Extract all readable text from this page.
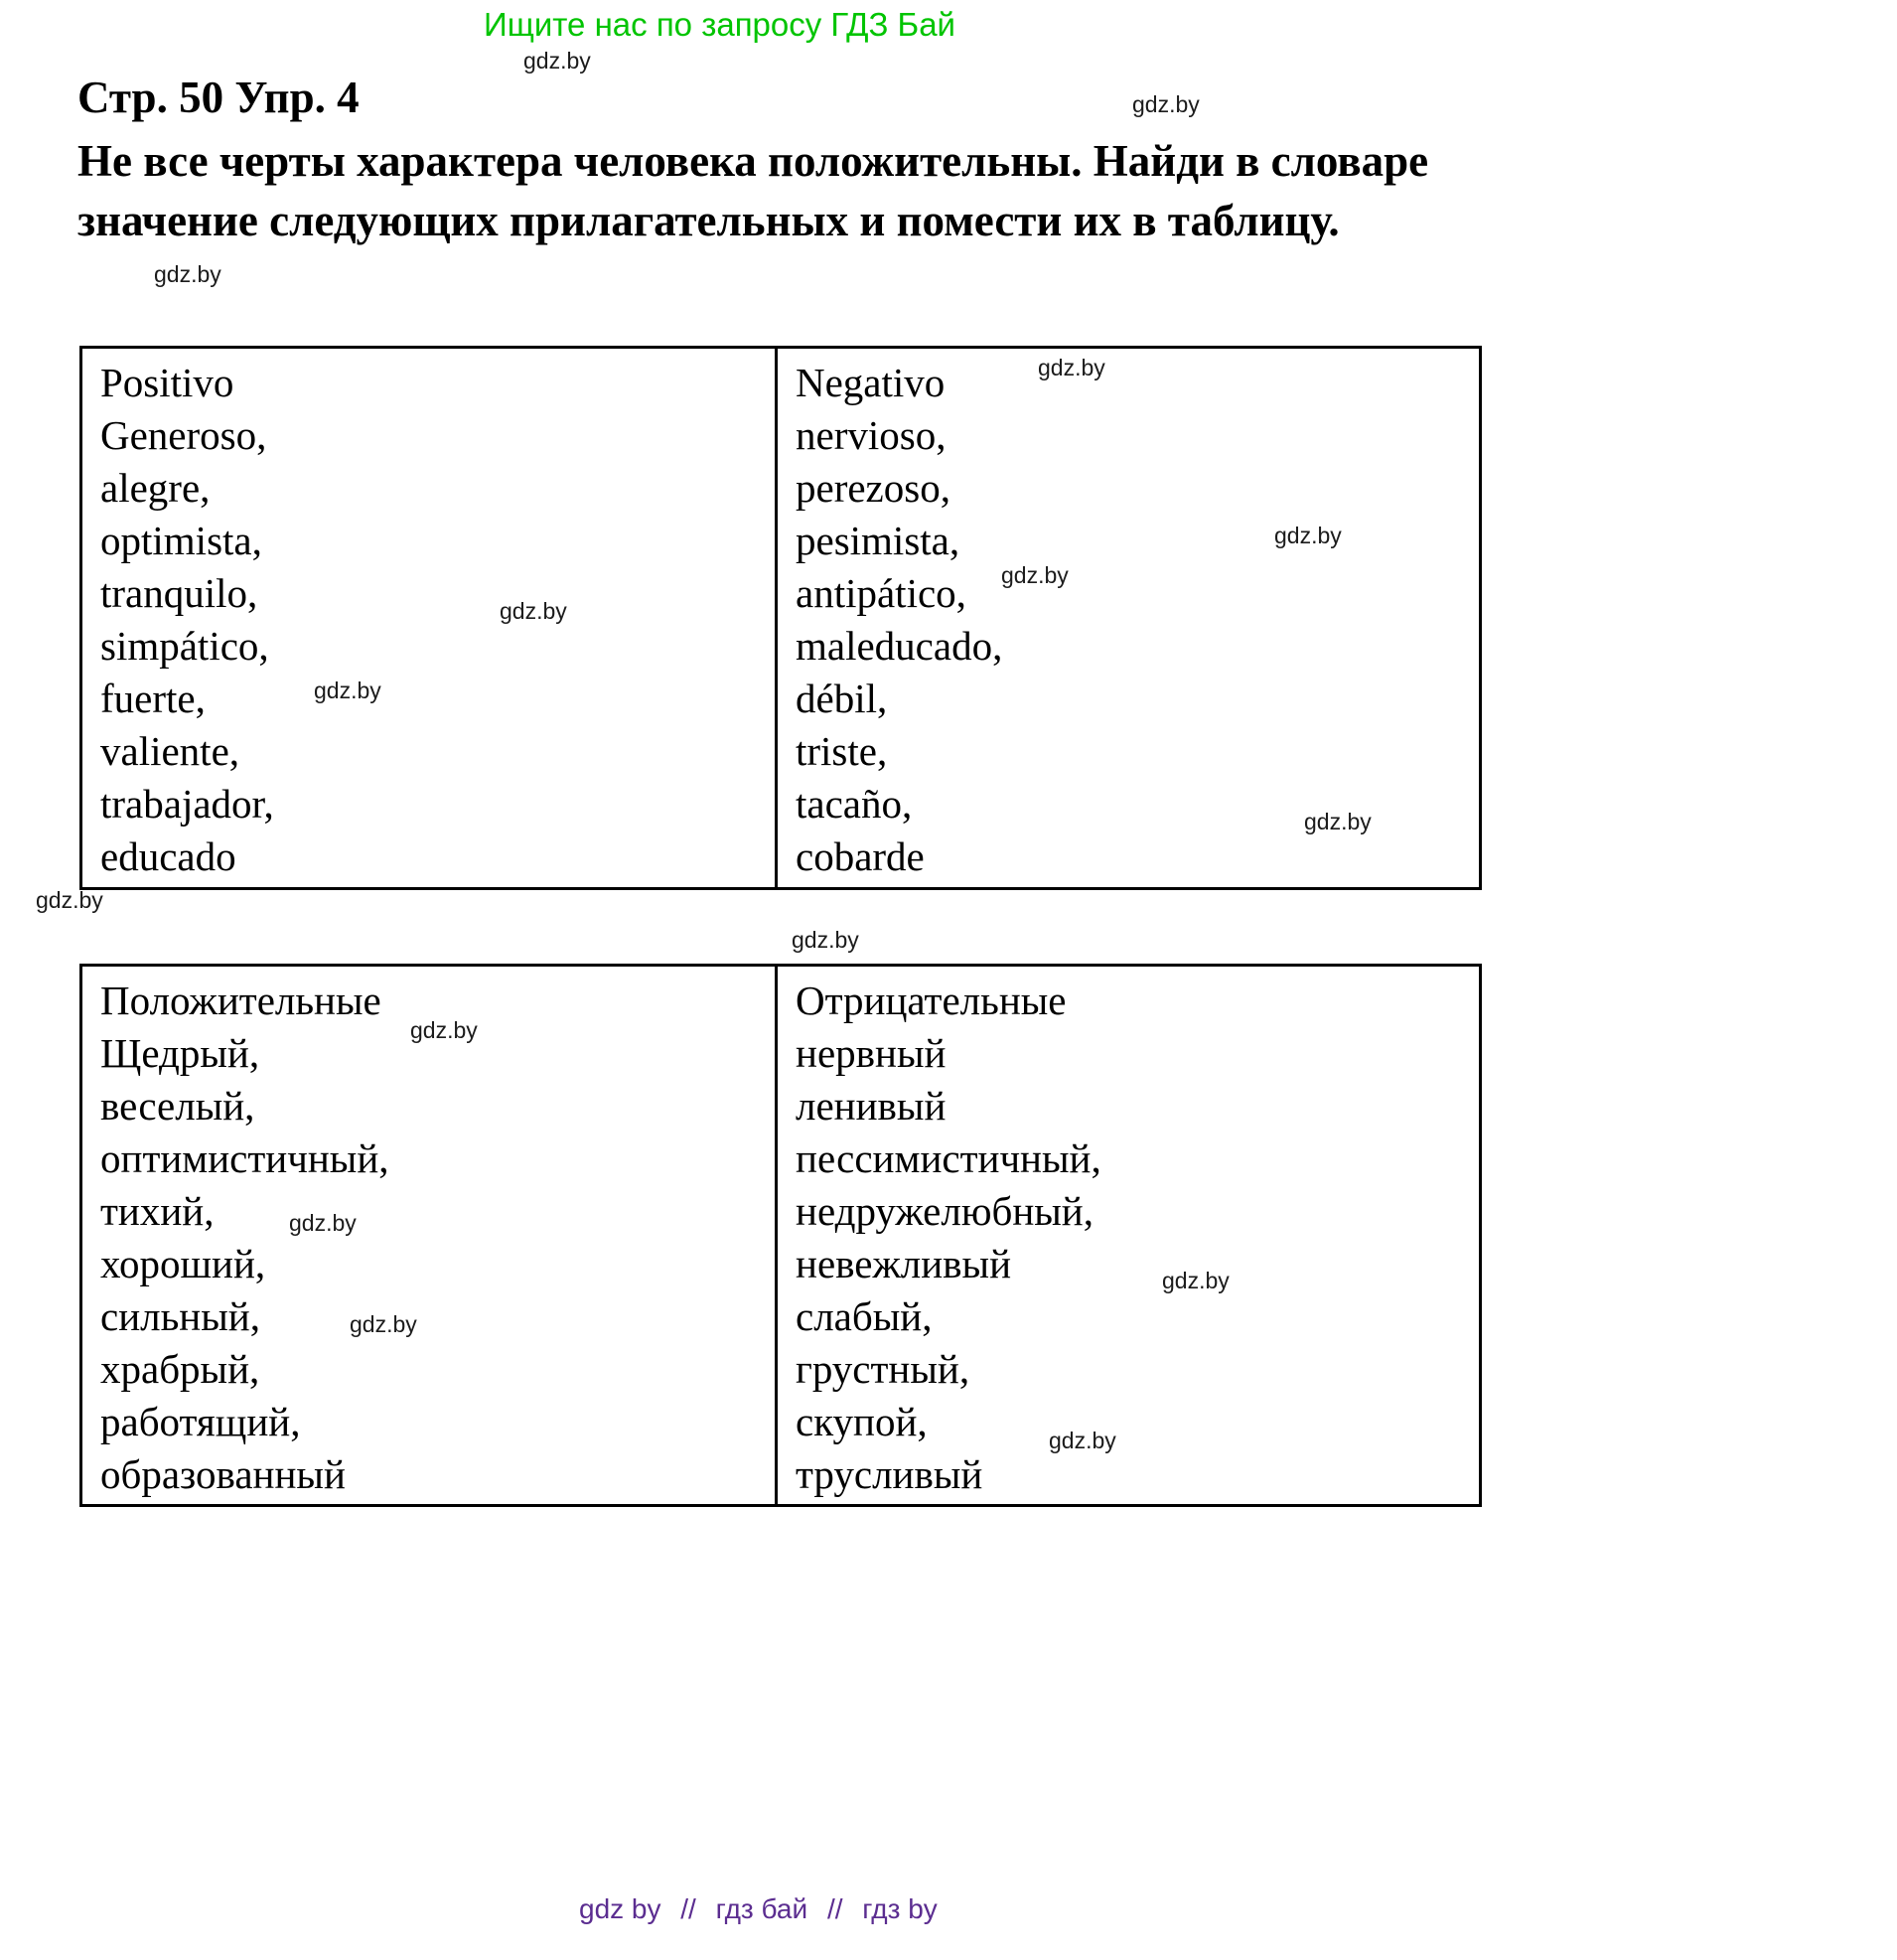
Ищите нас по запросу ГДЗ Бай
gdz.by
gdz.by
gdz.by
Стр. 50 Упр. 4
Не все черты характера человека положительны. Найди в словаре
значение следующих прилагательных и помести их в таблицу.
Positivo
Generoso,
alegre,
optimista,
tranquilo,
simpático,
fuerte,
valiente,
trabajador,
educado
Negativo
nervioso,
perezoso,
pesimista,
antipático,
maleducado,
débil,
triste,
tacaño,
cobarde
gdz.by
gdz.by
gdz.by
gdz.by
gdz.by
gdz.by
gdz.by
gdz.by
Положительные
Щедрый,
веселый,
оптимистичный,
тихий,
хороший,
сильный,
храбрый,
работящий,
образованный
Отрицательные
нервный
ленивый
пессимистичный,
недружелюбный,
невежливый
слабый,
грустный,
скупой,
трусливый
gdz.by
gdz.by
gdz.by
gdz.by
gdz.by
gdz by // гдз бай // гдз by
